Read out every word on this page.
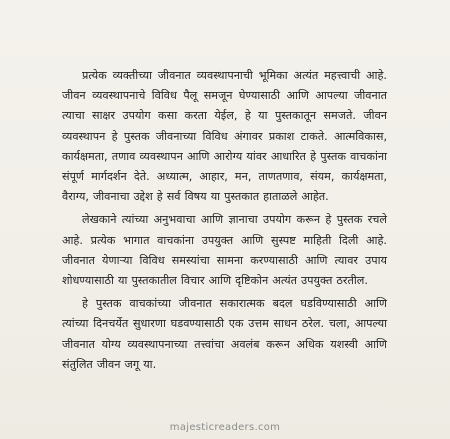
प्रत्येक व्यक्तीच्या जीवनात व्यवस्थापनाची भूमिका अत्यंत महत्त्वाची आहे. जीवन व्यवस्थापनाचे विविध पैलू समजून घेण्यासाठी आणि आपल्या जीवनात त्याचा साक्षर उपयोग कसा करता येईल, हे या पुस्तकातून समजते. जीवन व्यवस्थापन हे पुस्तक जीवनाच्या विविध अंगावर प्रकाश टाकते. आत्मविकास, कार्यक्षमता, तणाव व्यवस्थापन आणि आरोग्य यांवर आधारित हे पुस्तक वाचकांना संपूर्ण मार्गदर्शन देते. अध्यात्म, आहार, मन, ताणतणाव, संयम, कार्यक्षमता, वैराग्य, जीवनाचा उद्देश हे सर्व विषय या पुस्तकात हाताळले आहेत.

लेखकाने त्यांच्या अनुभवाचा आणि ज्ञानाचा उपयोग करून हे पुस्तक रचले आहे. प्रत्येक भागात वाचकांना उपयुक्त आणि सुस्पष्ट माहिती दिली आहे. जीवनात येणाऱ्या विविध समस्यांचा सामना करण्यासाठी आणि त्यावर उपाय शोधण्यासाठी या पुस्तकातील विचार आणि दृष्टिकोन अत्यंत उपयुक्त ठरतील.

हे पुस्तक वाचकांच्या जीवनात सकारात्मक बदल घडविण्यासाठी आणि त्यांच्या दिनचर्येत सुधारणा घडवण्यासाठी एक उत्तम साधन ठरेल. चला, आपल्या जीवनात योग्य व्यवस्थापनाच्या तत्त्वांचा अवलंब करून अधिक यशस्वी आणि संतुलित जीवन जगू या.

majesticreaders.com
